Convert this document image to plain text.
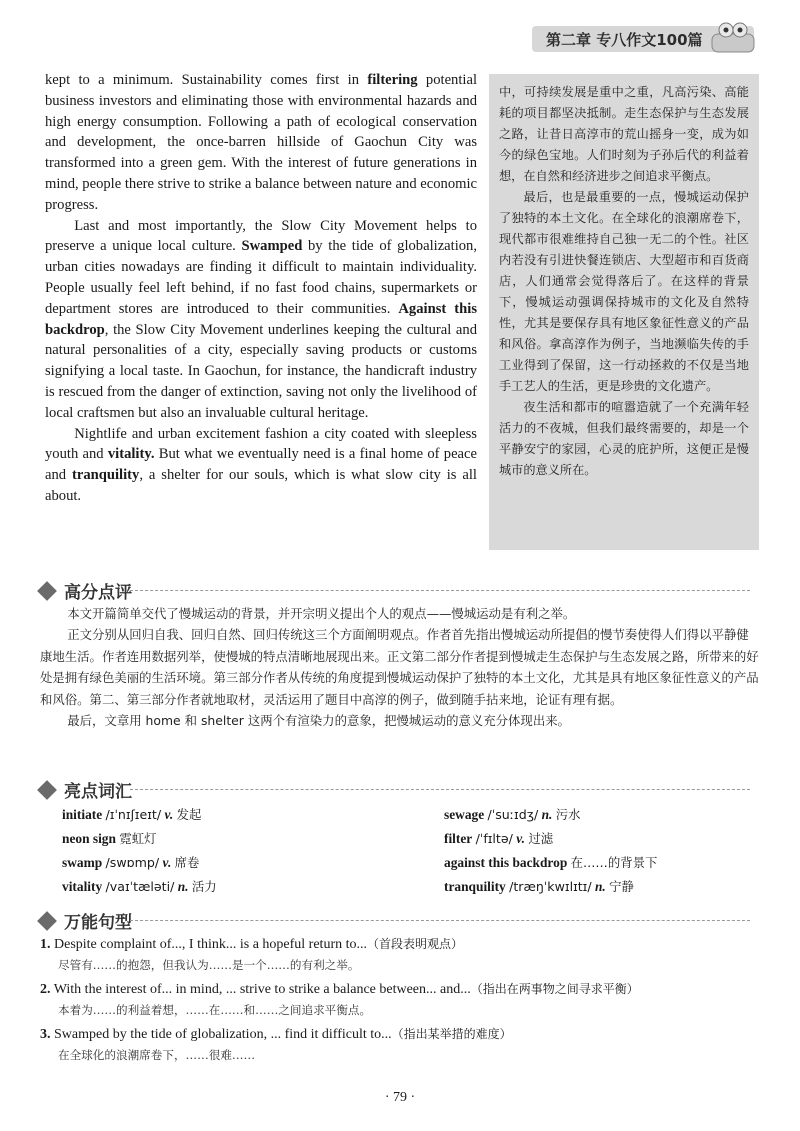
第二章 专八作文100篇

kept to a minimum. Sustainability comes first in filtering potential business investors and eliminating those with environmental hazards and high energy consumption. Following a path of ecological conservation and development, the once-barren hillside of Gaochun City was transformed into a green gem. With the interest of future generations in mind, people there strive to strike a balance between nature and economic progress.

Last and most importantly, the Slow City Movement helps to preserve a unique local culture. Swamped by the tide of globalization, urban cities nowadays are finding it difficult to maintain individuality. People usually feel left behind, if no fast food chains, supermarkets or department stores are introduced to their communities. Against this backdrop, the Slow City Movement underlines keeping the cultural and natural personalities of a city, especially saving products or customs signifying a local taste. In Gaochun, for instance, the handicraft industry is rescued from the danger of extinction, saving not only the livelihood of local craftsmen but also an invaluable cultural heritage.

Nightlife and urban excitement fashion a city coated with sleepless youth and vitality. But what we eventually need is a final home of peace and tranquility, a shelter for our souls, which is what slow city is all about.

中，可持续发展是重中之重，凡高污染、高能耗的项目都坚决抵制。走生态保护与生态发展之路，让昔日高淳市的荒山摇身一变，成为如今的绿色宝地。人们时刻为子孙后代的利益着想，在自然和经济进步之间追求平衡点。

最后，也是最重要的一点，慢城运动保护了独特的本土文化。在全球化的浪潮席卷下，现代都市很难维持自己独一无二的个性。社区内若没有引进快餐连锁店、大型超市和百货商店，人们通常会觉得落后了。在这样的背景下，慢城运动强调保持城市的文化及自然特性，尤其是要保存具有地区象征性意义的产品和风俗。拿高淳作为例子，当地濒临失传的手工业得到了保留，这一行动拯救的不仅是当地手工艺人的生活，更是珍贵的文化遗产。

夜生活和都市的喧嚣造就了一个充满年轻活力的不夜城，但我们最终需要的，却是一个平静安宁的家园，心灵的庇护所，这便正是慢城市的意义所在。

高分点评

本文开篇简单交代了慢城运动的背景，并开宗明义提出个人的观点——慢城运动是有利之举。

正文分别从回归自我、回归自然、回归传统这三个方面阐明观点。作者首先指出慢城运动所提倡的慢节奏使得人们得以平静健康地生活。作者连用数据列举，使慢城的特点清晰地展现出来。正文第二部分作者提到慢城走生态保护与生态发展之路，所带来的好处是拥有绿色美丽的生活环境。第三部分作者从传统的角度提到慢城运动保护了独特的本土文化，尤其是具有地区象征性意义的产品和风俗。第二、第三部分作者就地取材，灵活运用了题目中高淳的例子，做到随手拈来地，论证有理有据。

最后，文章用 home 和 shelter 这两个有渲染力的意象，把慢城运动的意义充分体现出来。

亮点词汇
initiate /ɪˈnɪʃɪeɪt/ v. 发起
neon sign 霓虹灯
swamp /swɒmp/ v. 席卷
vitality /vaɪˈtæləti/ n. 活力
sewage /ˈsuːɪdʒ/ n. 污水
filter /ˈfɪltə/ v. 过滤
against this backdrop 在……的背景下
tranquility /træŋˈkwɪlɪtɪ/ n. 宁静
万能句型
1. Despite complaint of..., I think... is a hopeful return to...（首段表明观点）
尽管有……的抱怨，但我认为……是一个……的有利之举。
2. With the interest of... in mind, ... strive to strike a balance between... and...（指出在两事物之间寻求平衡）
本着为……的利益着想，……在……和……之间追求平衡点。
3. Swamped by the tide of globalization, ... find it difficult to...（指出某举措的难度）
在全球化的浪潮席卷下，……很难……
· 79 ·
